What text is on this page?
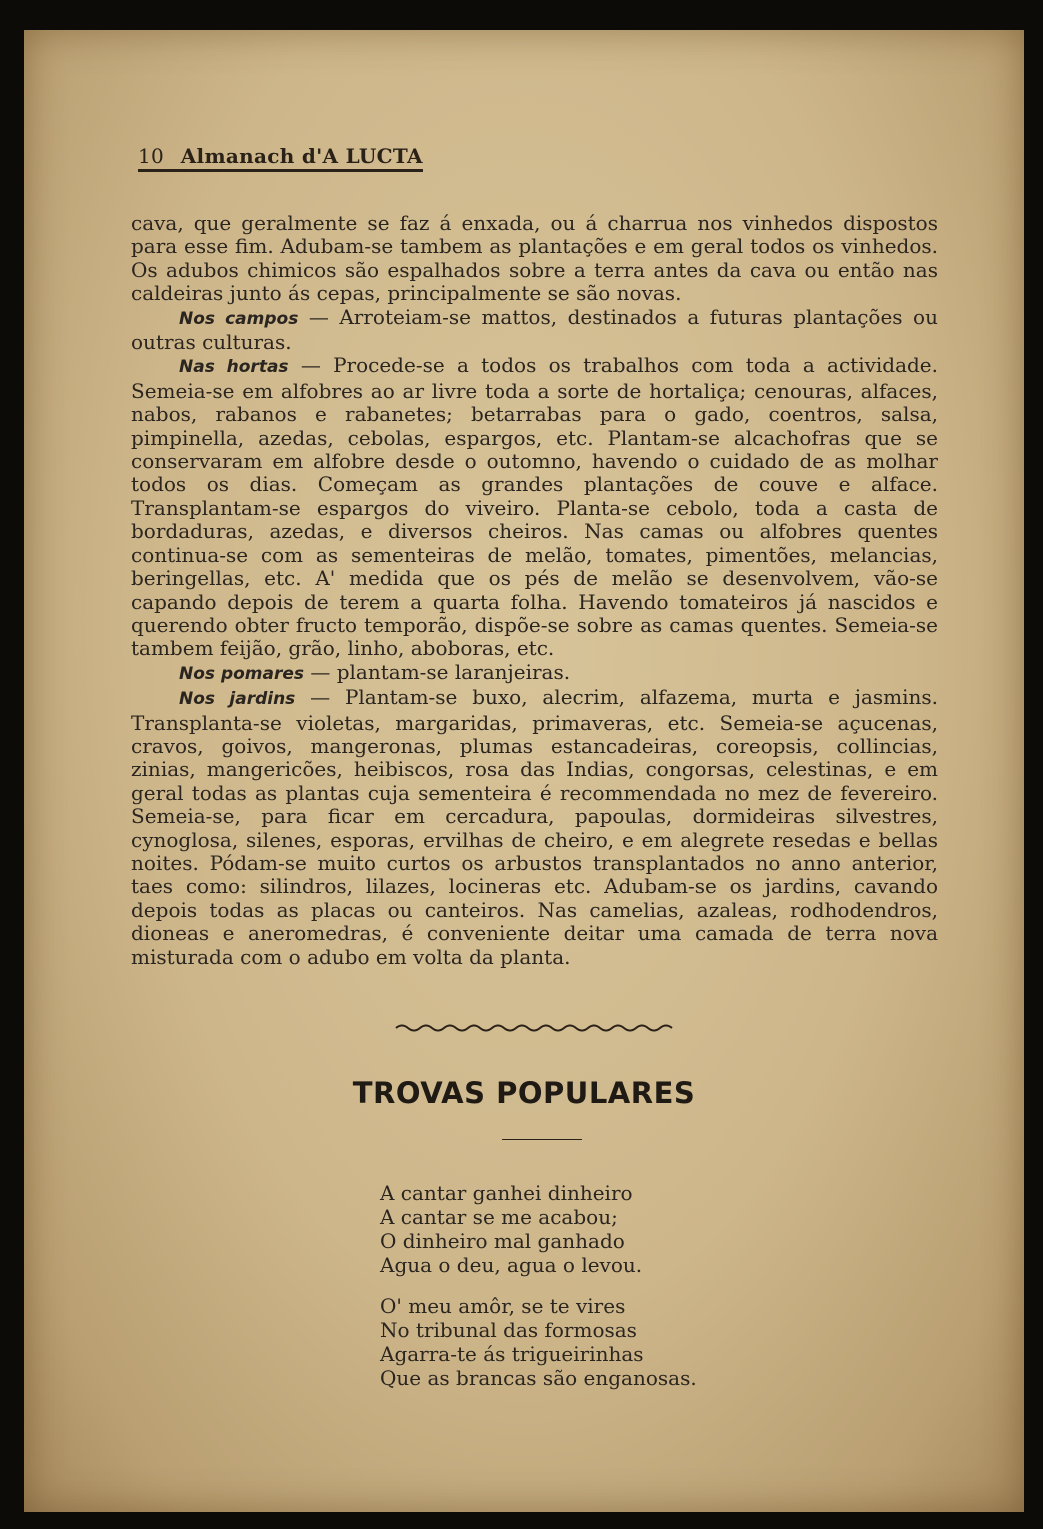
10 Almanach d'A LUCTA

cava, que geralmente se faz á enxada, ou á charrua nos vinhedos dispostos para esse fim. Adubam-se tambem as plantações e em geral todos os vinhedos. Os adubos chimicos são espalhados sobre a terra antes da cava ou então nas caldeiras junto ás cepas, principalmente se são novas.

Nos campos — Arroteiam-se mattos, destinados a futuras plantações ou outras culturas.

Nas hortas — Procede-se a todos os trabalhos com toda a actividade. Semeia-se em alfobres ao ar livre toda a sorte de hortaliça; cenouras, alfaces, nabos, rabanos e rabanetes; betarrabas para o gado, coentros, salsa, pimpinella, azedas, cebolas, espargos, etc. Plantam-se alcachofras que se conservaram em alfobre desde o outomno, havendo o cuidado de as molhar todos os dias. Começam as grandes plantações de couve e alface. Transplantam-se espargos do viveiro. Planta-se cebolo, toda a casta de bordaduras, azedas, e diversos cheiros. Nas camas ou alfobres quentes continua-se com as sementeiras de melão, tomates, pimentões, melancias, beringellas, etc. A' medida que os pés de melão se desenvolvem, vão-se capando depois de terem a quarta folha. Havendo tomateiros já nascidos e querendo obter fructo temporão, dispõe-se sobre as camas quentes. Semeia-se tambem feijão, grão, linho, aboboras, etc.

Nos pomares — plantam-se laranjeiras.

Nos jardins — Plantam-se buxo, alecrim, alfazema, murta e jasmins. Transplanta-se violetas, margaridas, primaveras, etc. Semeia-se açucenas, cravos, goivos, mangeronas, plumas estancadeiras, coreopsis, collincias, zinias, mangericões, heibiscos, rosa das Indias, congorsas, celestinas, e em geral todas as plantas cuja sementeira é recommendada no mez de fevereiro. Semeia-se, para ficar em cercadura, papoulas, dormideiras silvestres, cynoglosa, silenes, esporas, ervilhas de cheiro, e em alegrete resedas e bellas noites. Pódam-se muito curtos os arbustos transplantados no anno anterior, taes como: silindros, lilazes, locineras etc. Adubam-se os jardins, cavando depois todas as placas ou canteiros. Nas camelias, azaleas, rodhodendros, dioneas e aneromedras, é conveniente deitar uma camada de terra nova misturada com o adubo em volta da planta.

TROVAS POPULARES
A cantar ganhei dinheiro
A cantar se me acabou;
O dinheiro mal ganhado
Agua o deu, agua o levou.
O' meu amôr, se te vires
No tribunal das formosas
Agarra-te ás trigueirinhas
Que as brancas são enganosas.
